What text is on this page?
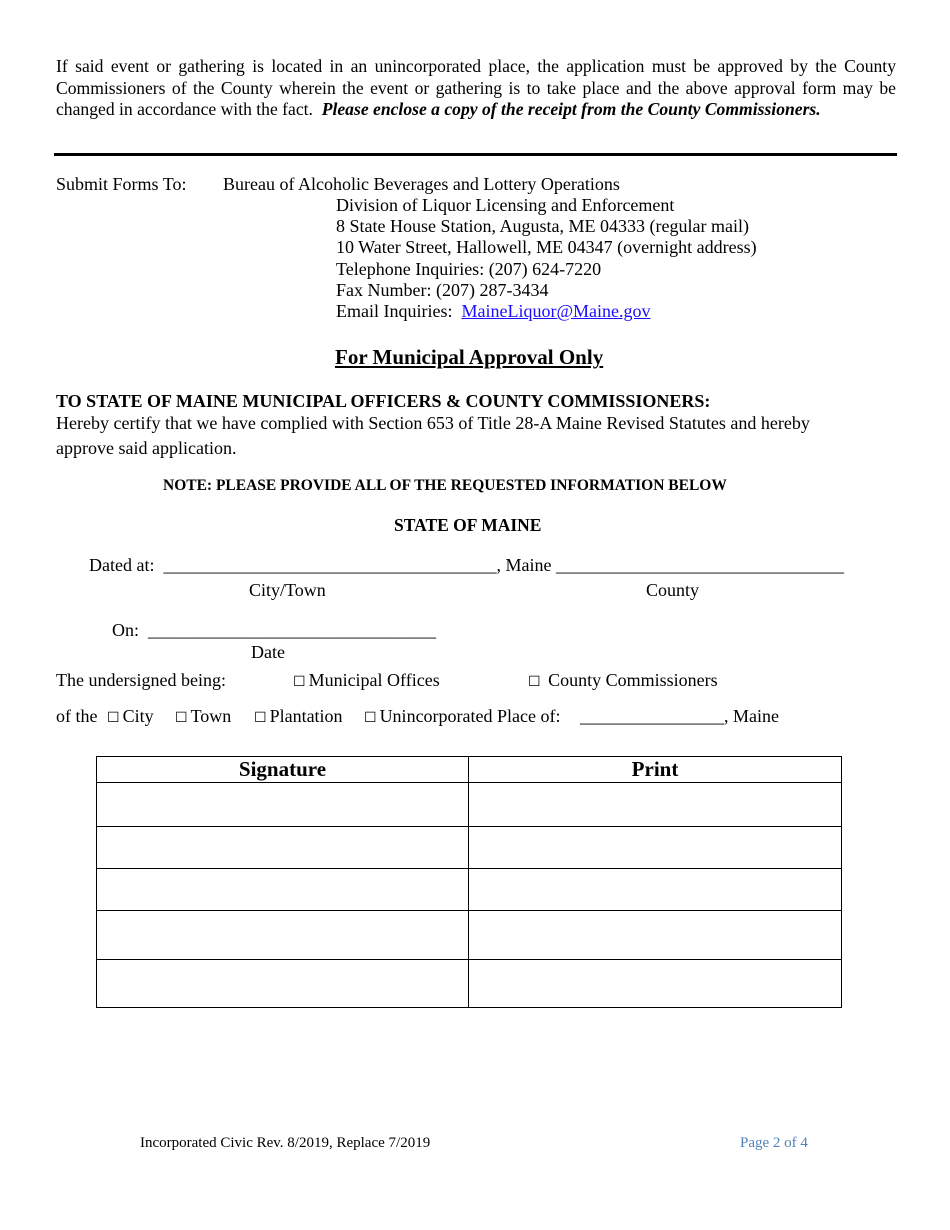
If said event or gathering is located in an unincorporated place, the application must be approved by the County Commissioners of the County wherein the event or gathering is to take place and the above approval form may be changed in accordance with the fact. Please enclose a copy of the receipt from the County Commissioners.
Submit Forms To: Bureau of Alcoholic Beverages and Lottery Operations
Division of Liquor Licensing and Enforcement
8 State House Station, Augusta, ME 04333 (regular mail)
10 Water Street, Hallowell, ME 04347 (overnight address)
Telephone Inquiries: (207) 624-7220
Fax Number: (207) 287-3434
Email Inquiries: MaineLiquor@Maine.gov
For Municipal Approval Only
TO STATE OF MAINE MUNICIPAL OFFICERS & COUNTY COMMISSIONERS:
Hereby certify that we have complied with Section 653 of Title 28-A Maine Revised Statutes and hereby approve said application.
NOTE: PLEASE PROVIDE ALL OF THE REQUESTED INFORMATION BELOW
STATE OF MAINE
Dated at: _____________________________________, Maine ________________________________
City/Town	County
On: ________________________________
Date
The undersigned being:	☐ Municipal Offices	☐ County Commissioners
of the ☐ City ☐ Town ☐ Plantation ☐ Unincorporated Place of: ________________, Maine
Signature	Print

Incorporated Civic Rev. 8/2019, Replace 7/2019	Page 2 of 4
